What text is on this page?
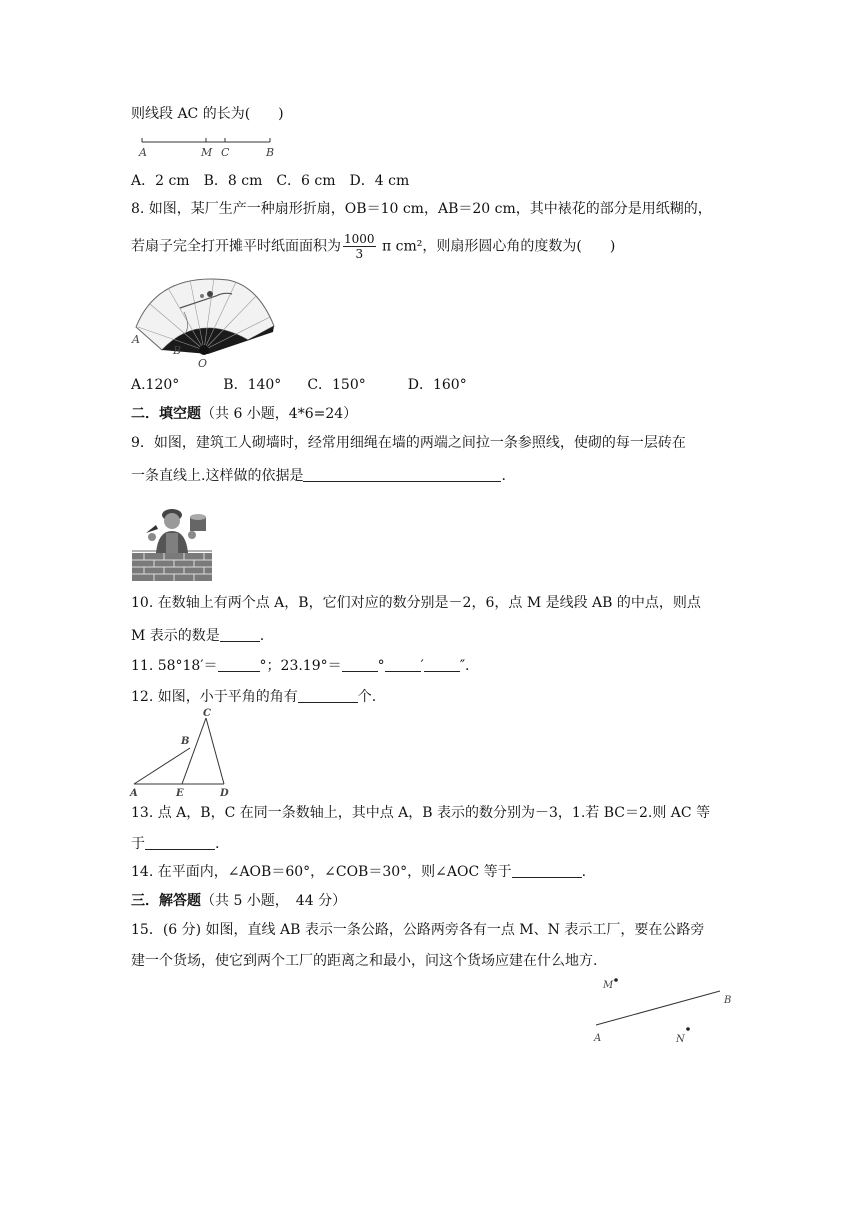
则线段 AC 的长为(　　)
A	M C	B
A．2 cm　B．8 cm　C．6 cm　D．4 cm
8. 如图，某厂生产一种扇形折扇，OB＝10 cm，AB＝20 cm，其中裱花的部分是用纸糊的，
若扇子完全打开摊平时纸面面积为 $\frac{1000}{3}$ π cm²，则扇形圆心角的度数为(　　)
A
B
O
A.120°	B．140° C．150°	D．160°
二．填空题（共 6 小题，4*6=24）
9．如图，建筑工人砌墙时，经常用细绳在墙的两端之间拉一条参照线，使砌的每一层砖在
一条直线上.这样做的依据是	.
10. 在数轴上有两个点 A，B，它们对应的数分别是－2，6，点 M 是线段 AB 的中点，则点
M 表示的数是	.
11. 58°18′＝	°；23.19°＝	°	′	″.
12. 如图，小于平角的角有	个.
C
B
A	E	D
13. 点 A，B，C 在同一条数轴上，其中点 A，B 表示的数分别为－3，1.若 BC＝2.则 AC 等
于	.
14. 在平面内，∠AOB＝60°，∠COB＝30°，则∠AOC 等于	.
三．解答题（共 5 小题，　44 分）
15．(6 分) 如图，直线 AB 表示一条公路，公路两旁各有一点 M、N 表示工厂，要在公路旁
建一个货场，使它到两个工厂的距离之和最小，问这个货场应建在什么地方.
M
B
A	N
